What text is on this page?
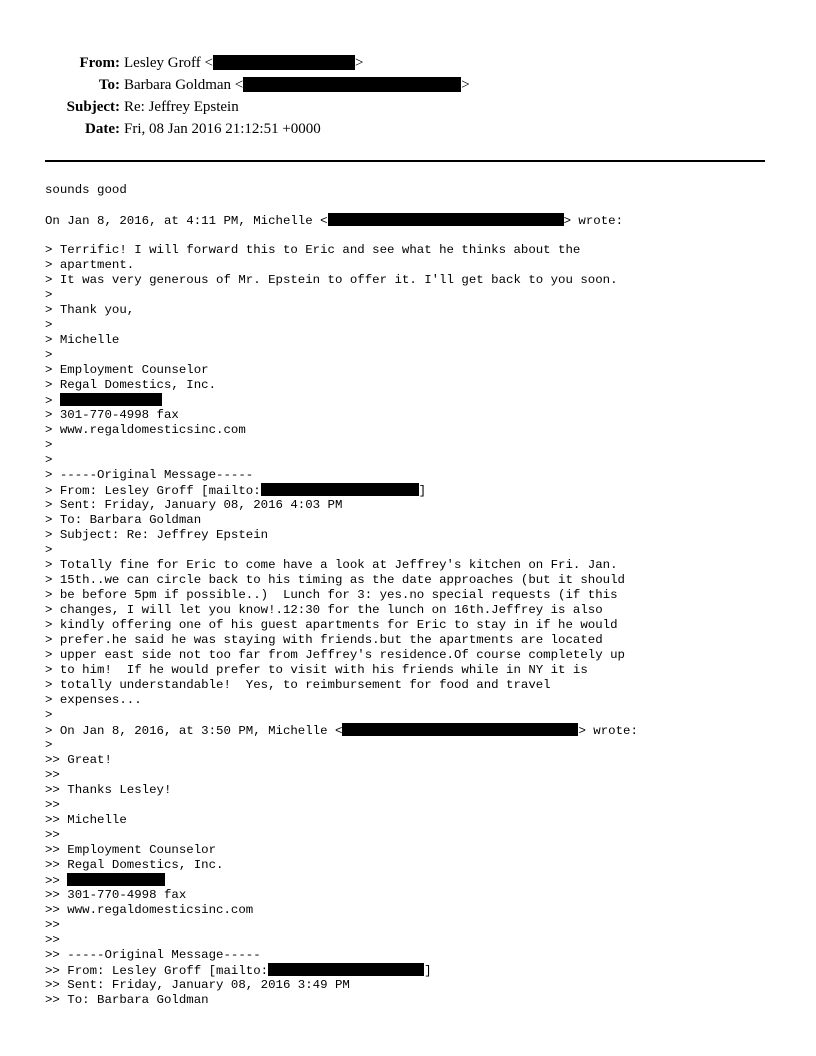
From: Lesley Groff <	>
To: Barbara Goldman <	>
Subject: Re: Jeffrey Epstein
Date: Fri, 08 Jan 2016 21:12:51 +0000
sounds good
On Jan 8, 2016, at 4:11 PM, Michelle <	> wrote:
> Terrific! I will forward this to Eric and see what he thinks about the
> apartment.
> It was very generous of Mr. Epstein to offer it. I'll get back to you soon.
>
> Thank you,
>
> Michelle
>
> Employment Counselor
> Regal Domestics, Inc.
>
> 301-770-4998 fax
> www.regaldomesticsinc.com
>
>
> -----Original Message-----
> From: Lesley Groff [mailto:	]
> Sent: Friday, January 08, 2016 4:03 PM
> To: Barbara Goldman
> Subject: Re: Jeffrey Epstein
>
> Totally fine for Eric to come have a look at Jeffrey's kitchen on Fri. Jan.
> 15th..we can circle back to his timing as the date approaches (but it should
> be before 5pm if possible..)  Lunch for 3: yes.no special requests (if this
> changes, I will let you know!.12:30 for the lunch on 16th.Jeffrey is also
> kindly offering one of his guest apartments for Eric to stay in if he would
> prefer.he said he was staying with friends.but the apartments are located
> upper east side not too far from Jeffrey's residence.Of course completely up
> to him!  If he would prefer to visit with his friends while in NY it is
> totally understandable!  Yes, to reimbursement for food and travel
> expenses...
>
> On Jan 8, 2016, at 3:50 PM, Michelle <	> wrote:
>
>> Great!
>>
>> Thanks Lesley!
>>
>> Michelle
>>
>> Employment Counselor
>> Regal Domestics, Inc.
>>
>> 301-770-4998 fax
>> www.regaldomesticsinc.com
>>
>>
>> -----Original Message-----
>> From: Lesley Groff [mailto:	]
>> Sent: Friday, January 08, 2016 3:49 PM
>> To: Barbara Goldman
